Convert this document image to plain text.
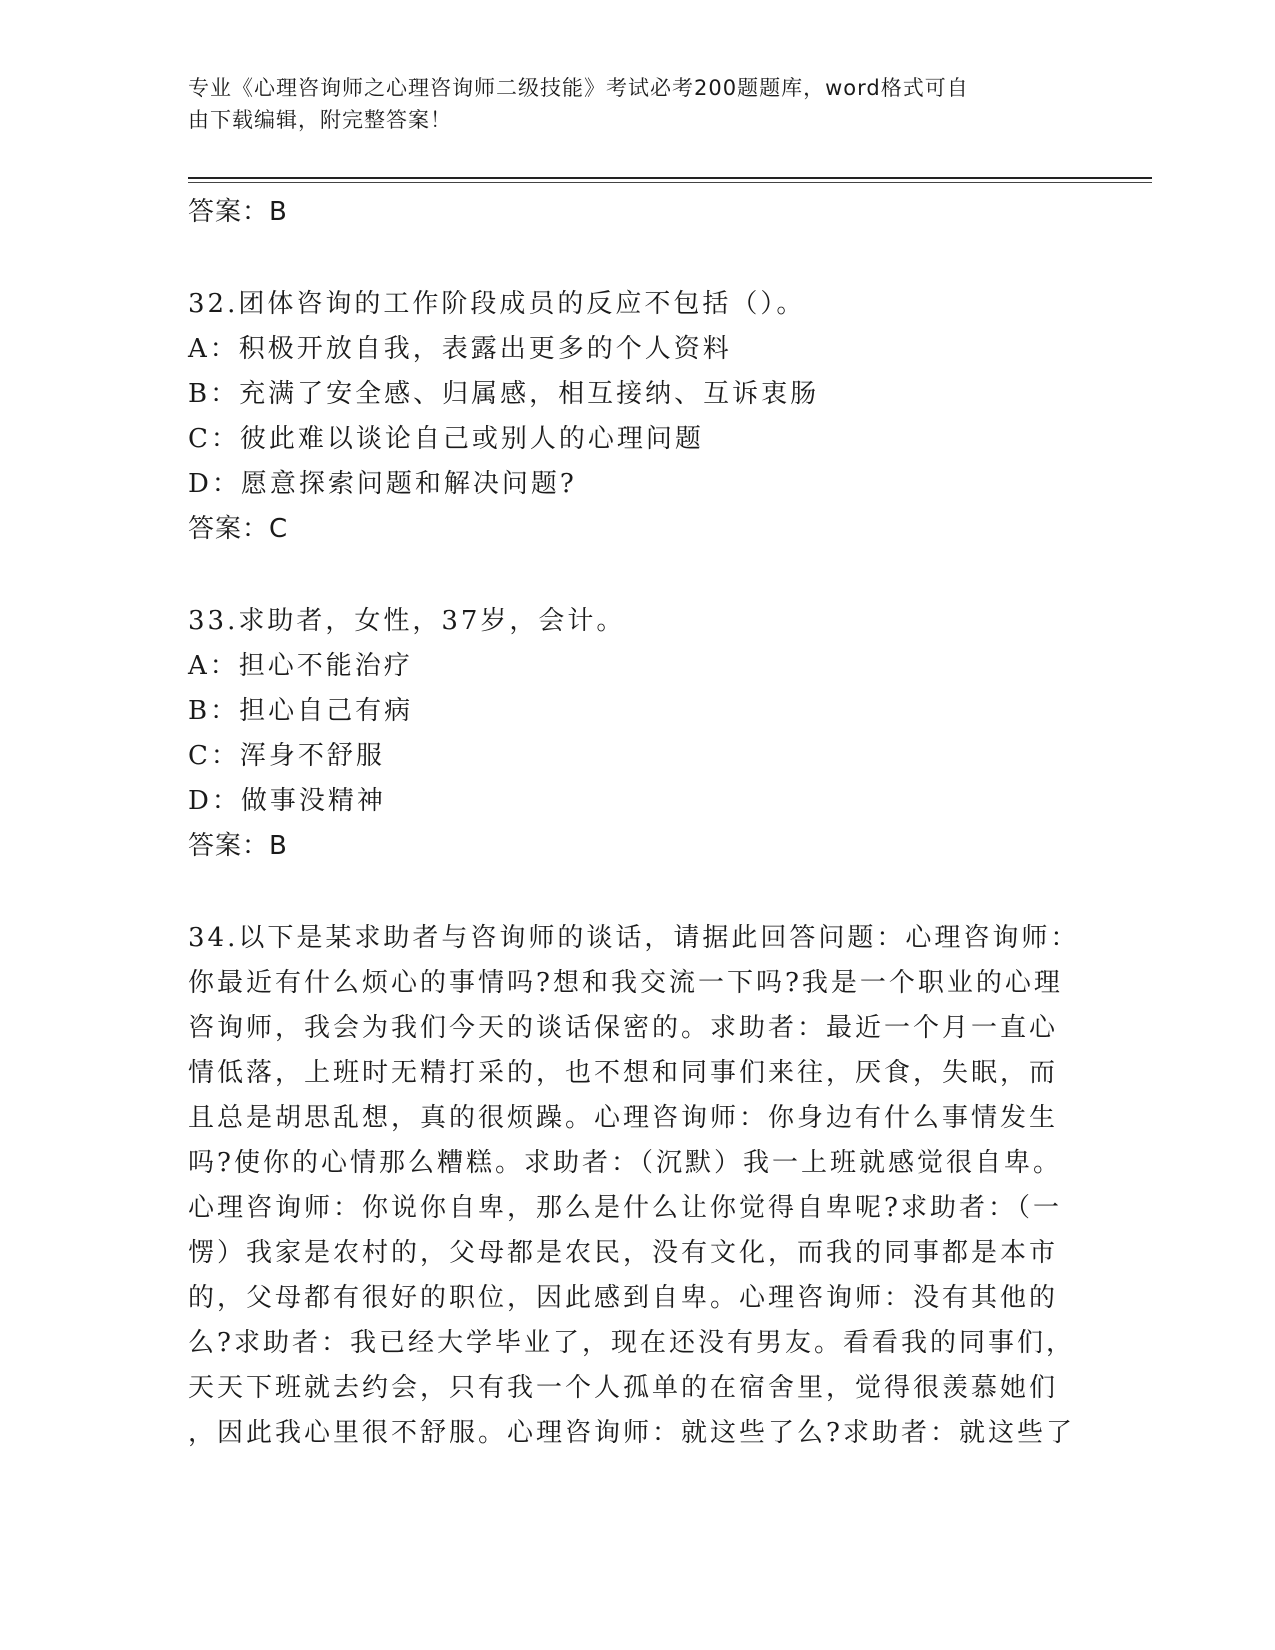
专业《心理咨询师之心理咨询师二级技能》考试必考200题题库，word格式可自
由下载编辑，附完整答案！
答案：B
32.团体咨询的工作阶段成员的反应不包括（）。
A：积极开放自我，表露出更多的个人资料
B：充满了安全感、归属感，相互接纳、互诉衷肠
C：彼此难以谈论自己或别人的心理问题
D：愿意探索问题和解决问题?
答案：C
33.求助者，女性，37岁，会计。
A：担心不能治疗
B：担心自己有病
C：浑身不舒服
D：做事没精神
答案：B
34.以下是某求助者与咨询师的谈话，请据此回答问题：心理咨询师：
你最近有什么烦心的事情吗?想和我交流一下吗?我是一个职业的心理
咨询师，我会为我们今天的谈话保密的。求助者：最近一个月一直心
情低落，上班时无精打采的，也不想和同事们来往，厌食，失眠，而
且总是胡思乱想，真的很烦躁。心理咨询师：你身边有什么事情发生
吗?使你的心情那么糟糕。求助者：（沉默）我一上班就感觉很自卑。
心理咨询师：你说你自卑，那么是什么让你觉得自卑呢?求助者：（一
愣）我家是农村的，父母都是农民，没有文化，而我的同事都是本市
的，父母都有很好的职位，因此感到自卑。心理咨询师：没有其他的
么?求助者：我已经大学毕业了，现在还没有男友。看看我的同事们，
天天下班就去约会，只有我一个人孤单的在宿舍里，觉得很羡慕她们
，因此我心里很不舒服。心理咨询师：就这些了么?求助者：就这些了
